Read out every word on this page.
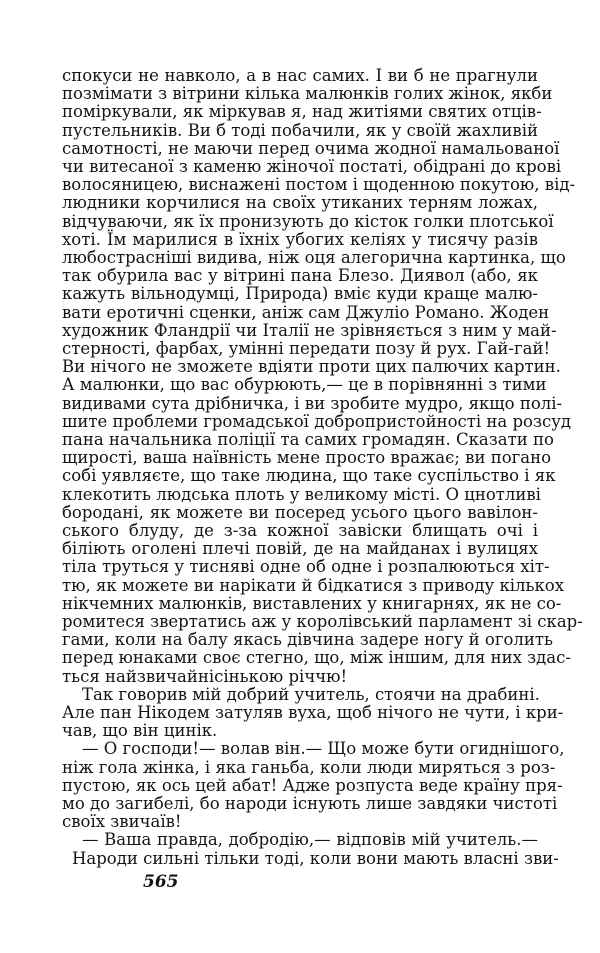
спокуси не навколо, а в нас самих. І ви б не прагнули
позмімати з вітрини кілька малюнків голих жінок, якби
поміркували, як міркував я, над житіями святих отців-
пустельників. Ви б тоді побачили, як у своїй жахливій
самотності, не маючи перед очима жодної намальованої
чи витесаної з каменю жіночої постаті, обідрані до крові
волосяницею, виснажені постом і щоденною покутою, від-
людники корчилися на своїх утиканих терням ложах,
відчуваючи, як їх пронизують до кісток голки плотської
хоті. Їм марилися в їхніх убогих келіях у тисячу разів
любострасніші видива, ніж оця алегорична картинка, що
так обурила вас у вітрині пана Блезо. Диявол (або, як
кажуть вільнодумці, Природа) вміє куди краще малю-
вати еротичні сценки, аніж сам Джуліо Романо. Жоден
художник Фландрії чи Італії не зрівняється з ним у май-
стерності, фарбах, умінні передати позу й рух. Гай-гай!
Ви нічого не зможете вдіяти проти цих палючих картин.
А малюнки, що вас обурюють,— це в порівнянні з тими
видивами сута дрібничка, і ви зробите мудро, якщо полі-
шите проблеми громадської добропристойності на розсуд
пана начальника поліції та самих громадян. Сказати по
щирості, ваша наївність мене просто вражає; ви погано
собі уявляєте, що таке людина, що таке суспільство і як
клекотить людська плоть у великому місті. О цнотливі
бородані, як можете ви посеред усього цього вавілон-
ського блуду, де з-за кожної завіски блищать очі і
біліють оголені плечі повій, де на майданах і вулицях
тіла труться у тисняві одне об одне і розпалюються хіт-
тю, як можете ви нарікати й бідкатися з приводу кількох
нікчемних малюнків, виставлених у книгарнях, як не со-
ромитеся звертатись аж у королівський парламент зі скар-
гами, коли на балу якась дівчина задере ногу й оголить
перед юнаками своє стегно, що, між іншим, для них здас-
ться найзвичайнісінькою річчю!
Так говорив мій добрий учитель, стоячи на драбині.
Але пан Нікодем затуляв вуха, щоб нічого не чути, і кри-
чав, що він цинік.
— О господи!— волав він.— Що може бути огиднішого,
ніж гола жінка, і яка ганьба, коли люди миряться з роз-
пустою, як ось цей абат! Адже розпуста веде країну пря-
мо до загибелі, бо народи існують лише завдяки чистоті
своїх звичаїв!
— Ваша правда, добродію,— відповів мій учитель.—
Народи сильні тільки тоді, коли вони мають власні зви-
565
